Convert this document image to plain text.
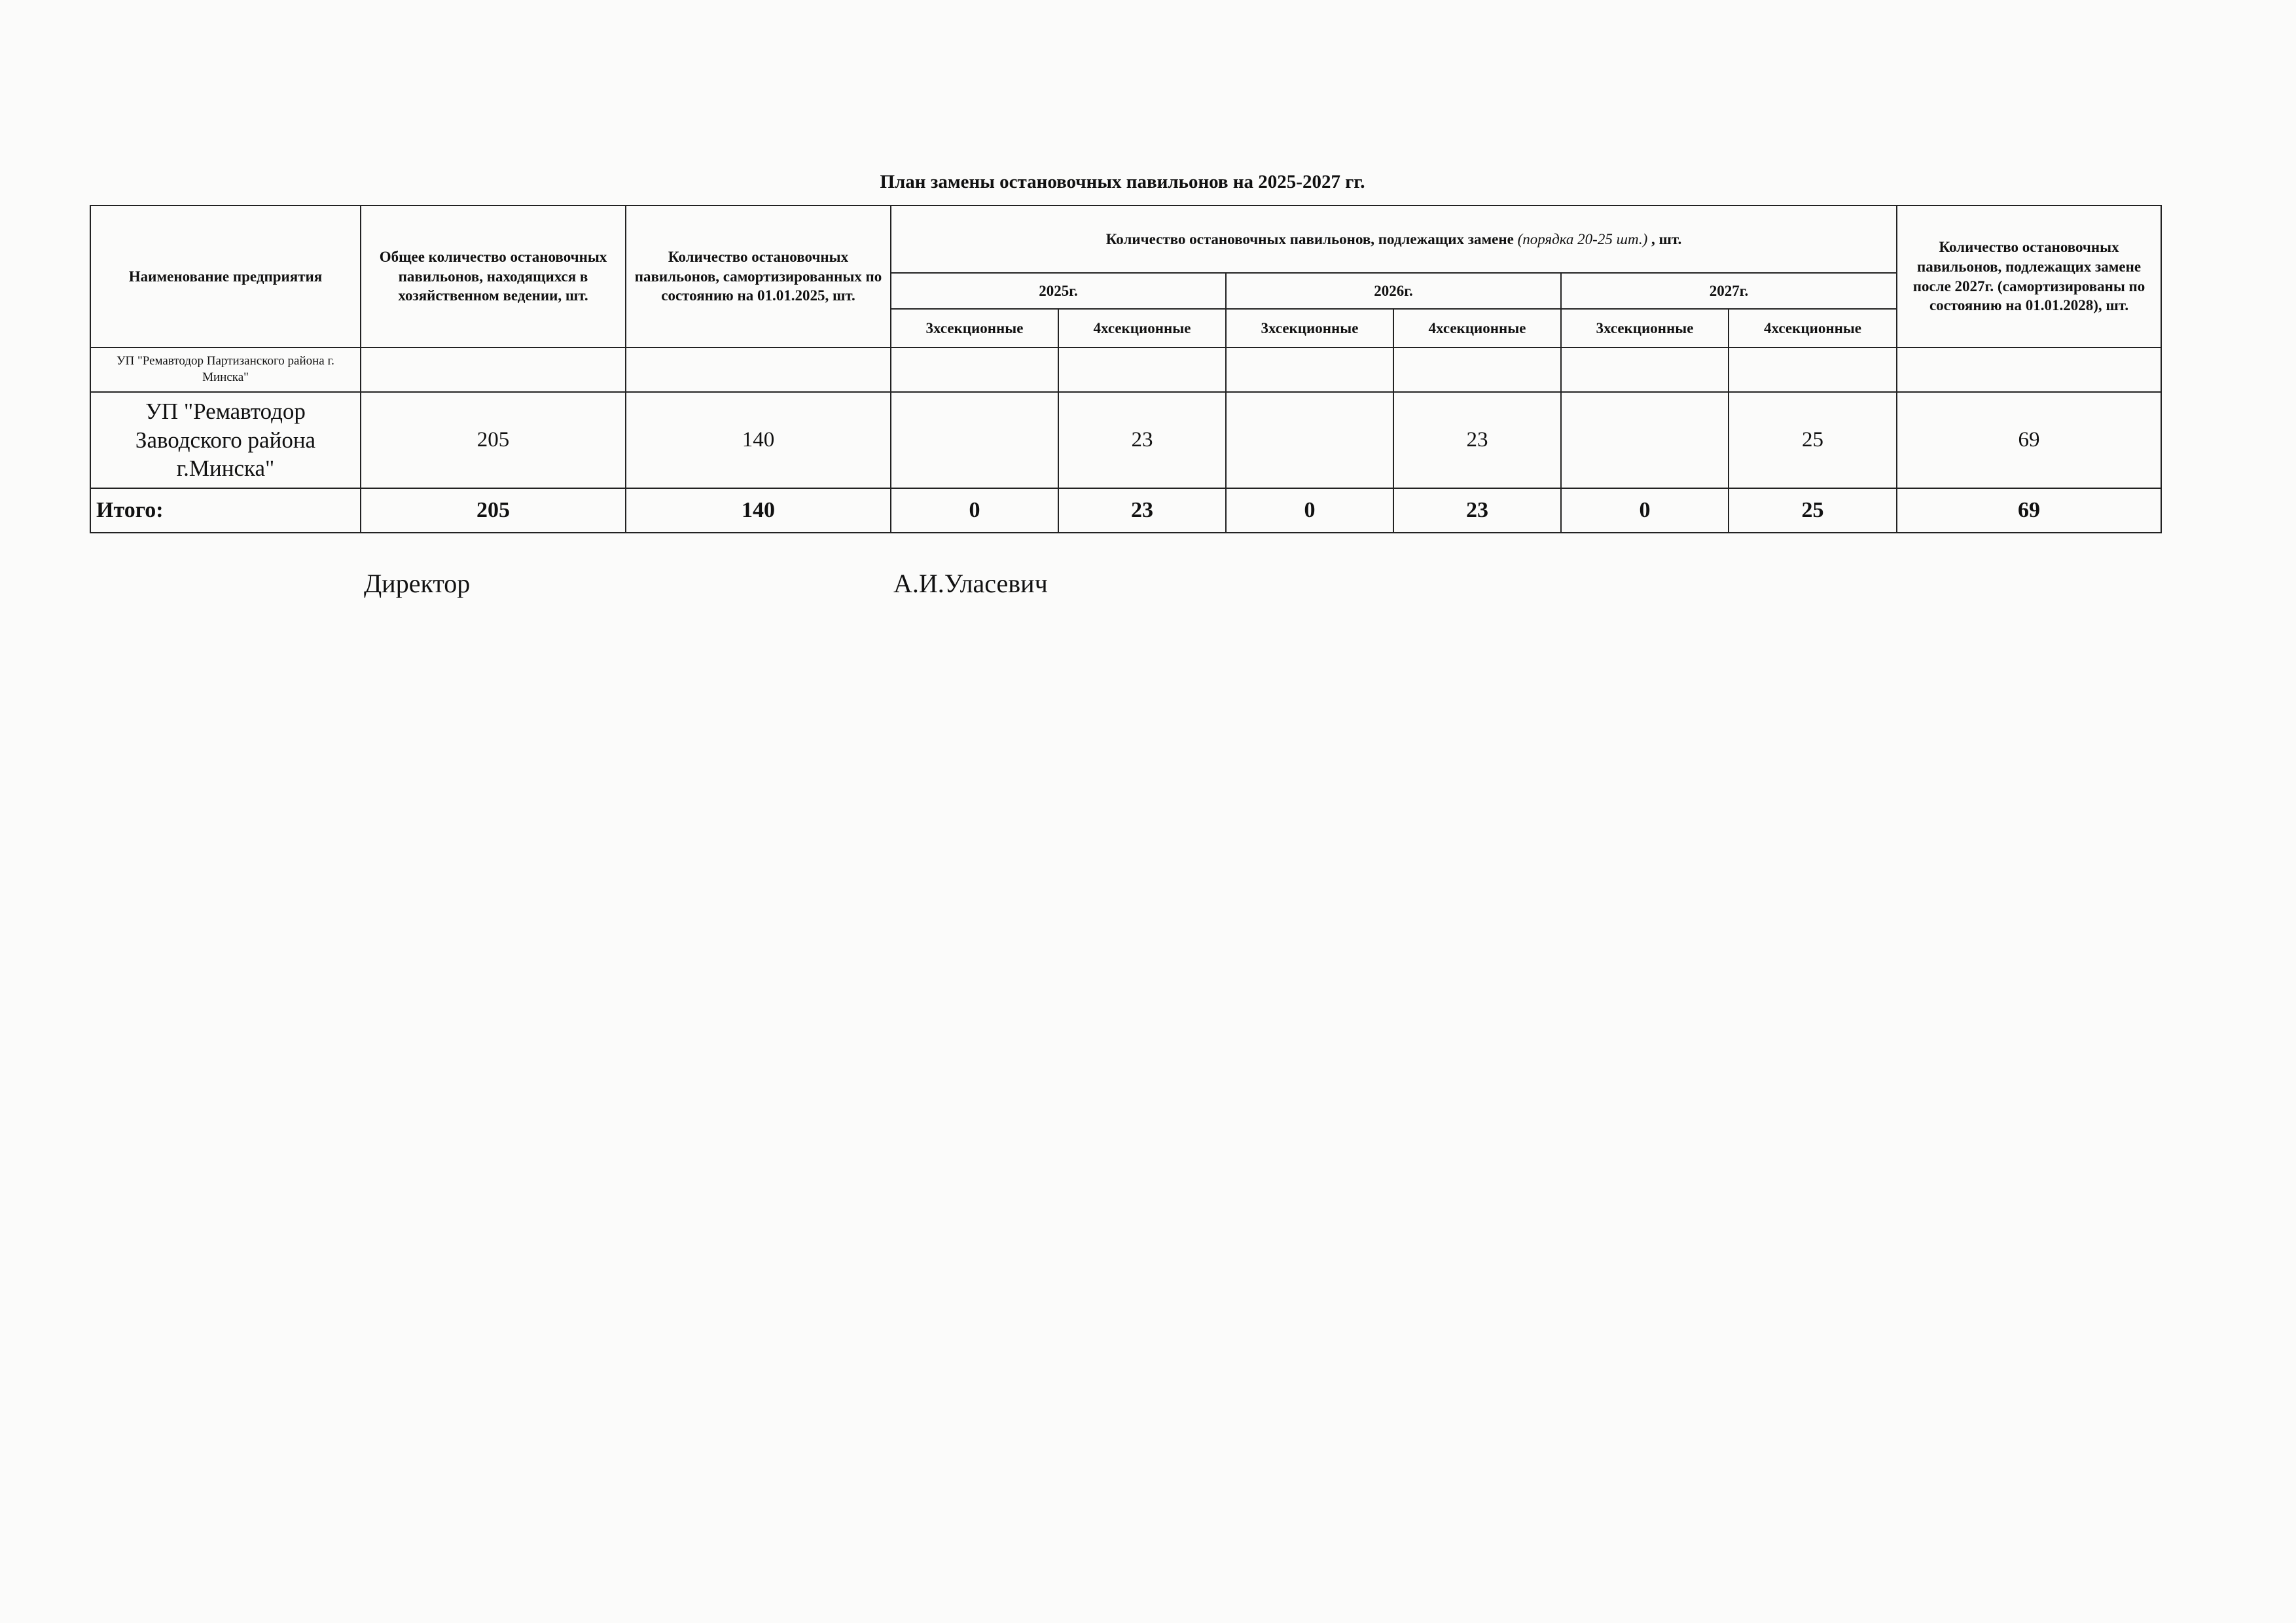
План замены остановочных павильонов на 2025-2027 гг.
Наименование предприятия	Общее количество остановочных павильонов, находящихся в хозяйственном ведении, шт.	Количество остановочных павильонов, самортизированных по состоянию на 01.01.2025, шт.	Количество остановочных павильонов, подлежащих замене (порядка 20-25 шт.) , шт.						Количество остановочных павильонов, подлежащих замене после 2027г. (самортизированы по состоянию на 01.01.2028), шт.
			2025г.		2026г.		2027г.		
			3хсекционные	4хсекционные	3хсекционные	4хсекционные	3хсекционные	4хсекционные	
УП "Ремавтодор Партизанского района г. Минска"									
УП "Ремавтодор Заводского района г.Минска"	205	140		23		23		25	69
Итого:	205	140	0	23	0	23	0	25	69
Директор	А.И.Уласевич
